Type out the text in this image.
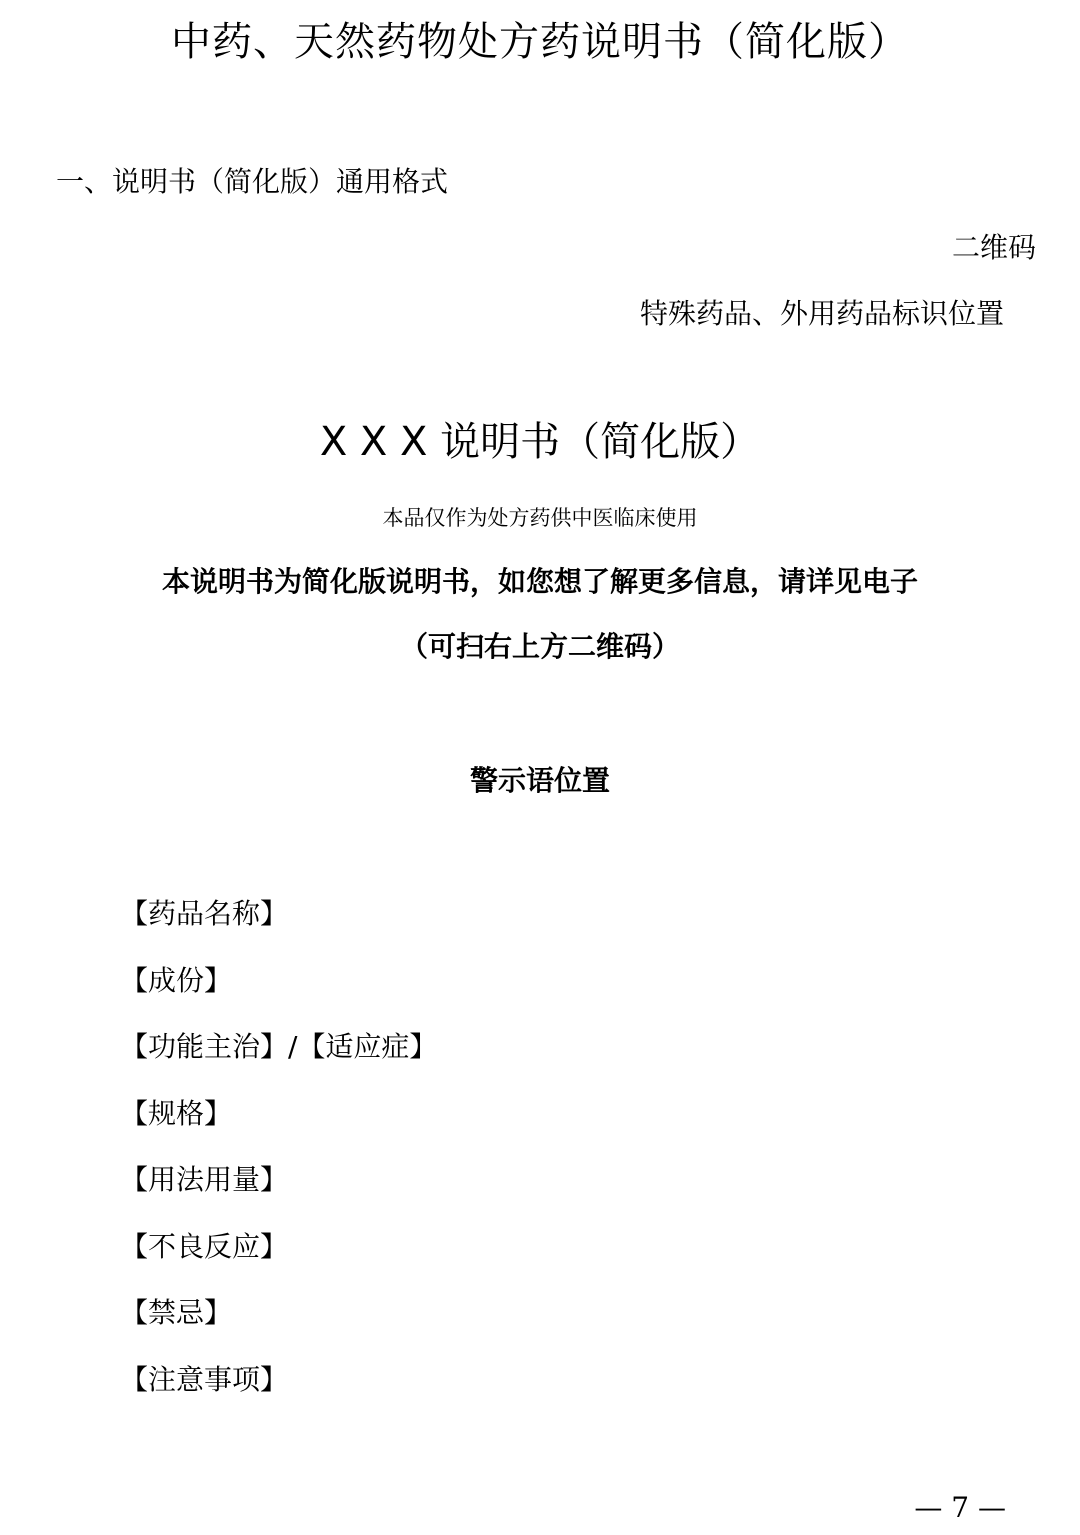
中药、天然药物处方药说明书（简化版）
一、说明书（简化版）通用格式
二维码
特殊药品、外用药品标识位置
X X X 说明书（简化版）
本品仅作为处方药供中医临床使用
本说明书为简化版说明书，如您想了解更多信息，请详见电子
（可扫右上方二维码）
警示语位置
【药品名称】
【成份】
【功能主治】/【适应症】
【规格】
【用法用量】
【不良反应】
【禁忌】
【注意事项】
— 7 —
